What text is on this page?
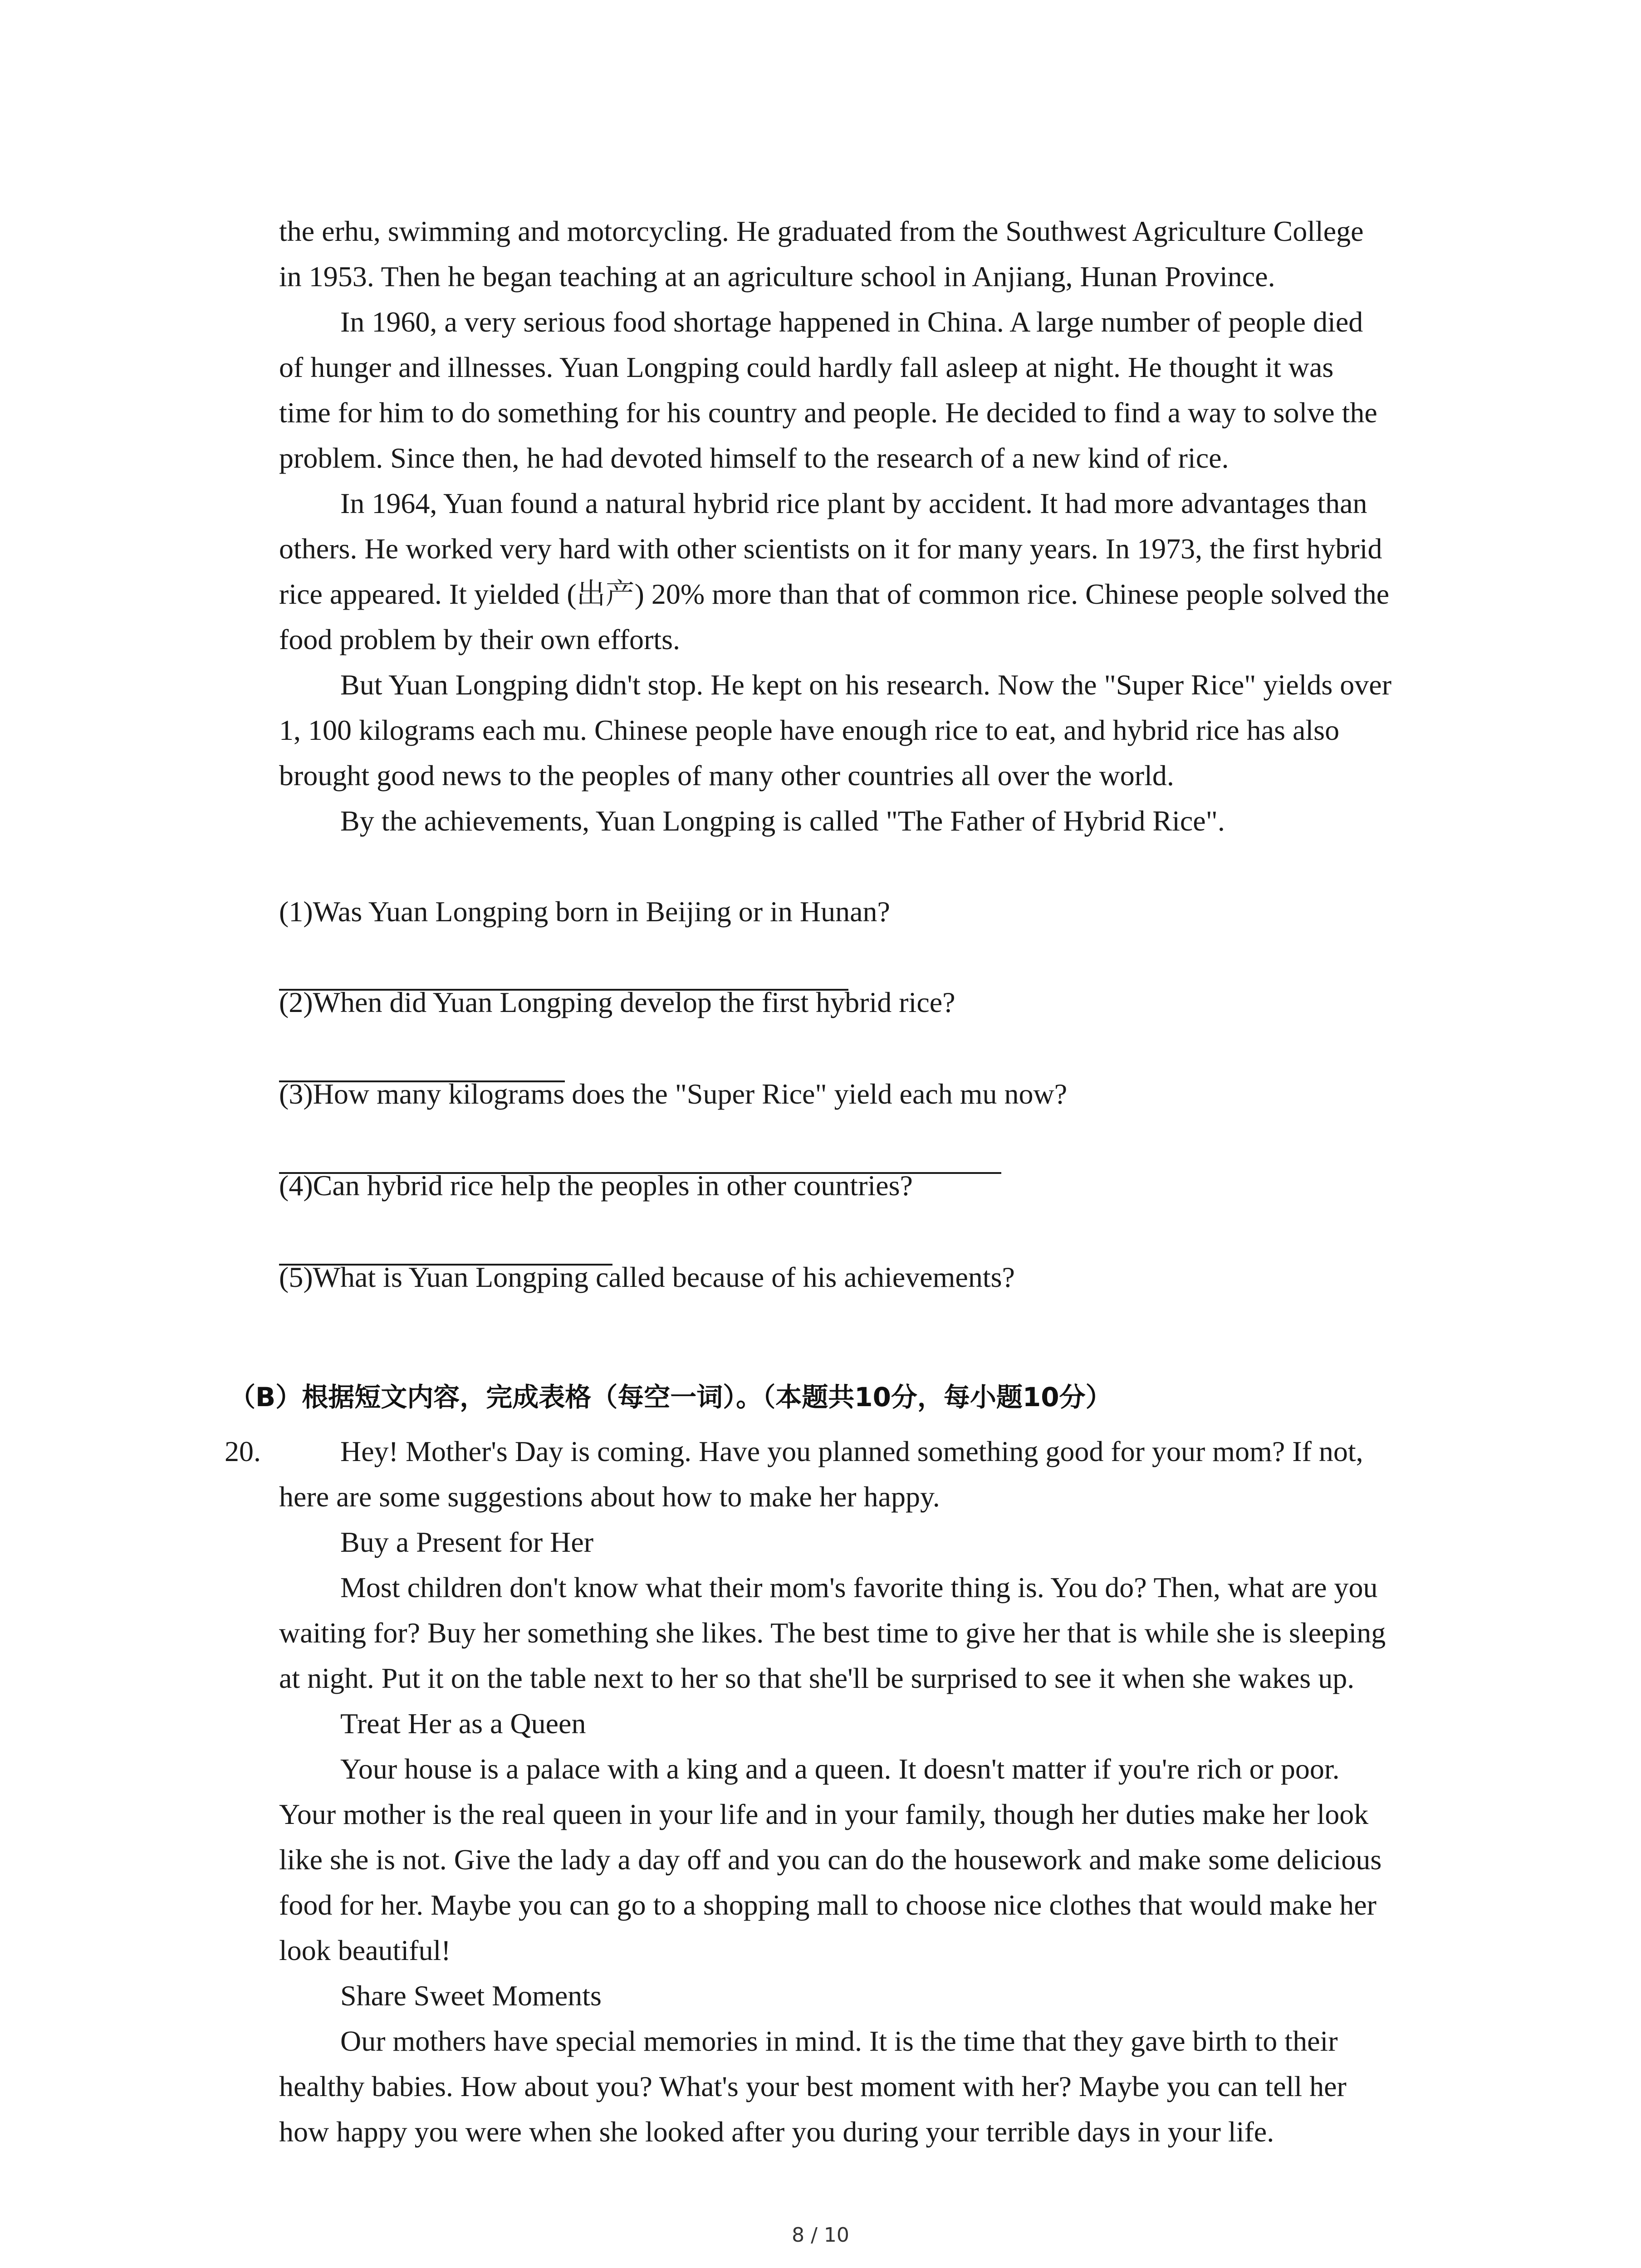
the erhu, swimming and motorcycling. He graduated from the Southwest Agriculture College
in 1953. Then he began teaching at an agriculture school in Anjiang, Hunan Province.
In 1960, a very serious food shortage happened in China. A large number of people died
of hunger and illnesses. Yuan Longping could hardly fall asleep at night. He thought it was
time for him to do something for his country and people. He decided to find a way to solve the
problem. Since then, he had devoted himself to the research of a new kind of rice.
In 1964, Yuan found a natural hybrid rice plant by accident. It had more advantages than
others. He worked very hard with other scientists on it for many years. In 1973, the first hybrid
rice appeared. It yielded (出产) 20% more than that of common rice. Chinese people solved the
food problem by their own efforts.
But Yuan Longping didn't stop. He kept on his research. Now the "Super Rice" yields over
1, 100 kilograms each mu. Chinese people have enough rice to eat, and hybrid rice has also
brought good news to the peoples of many other countries all over the world.
By the achievements, Yuan Longping is called "The Father of Hybrid Rice".
(1)Was Yuan Longping born in Beijing or in Hunan?
(2)When did Yuan Longping develop the first hybrid rice?
(3)How many kilograms does the "Super Rice" yield each mu now?
(4)Can hybrid rice help the peoples in other countries?
(5)What is Yuan Longping called because of his achievements?
（B）根据短文内容，完成表格（每空一词）。（本题共10分，每小题10分）
20.	Hey! Mother's Day is coming. Have you planned something good for your mom? If not,
here are some suggestions about how to make her happy.
Buy a Present for Her
Most children don't know what their mom's favorite thing is. You do? Then, what are you
waiting for? Buy her something she likes. The best time to give her that is while she is sleeping
at night. Put it on the table next to her so that she'll be surprised to see it when she wakes up.
Treat Her as a Queen
Your house is a palace with a king and a queen. It doesn't matter if you're rich or poor.
Your mother is the real queen in your life and in your family, though her duties make her look
like she is not. Give the lady a day off and you can do the housework and make some delicious
food for her. Maybe you can go to a shopping mall to choose nice clothes that would make her
look beautiful!
Share Sweet Moments
Our mothers have special memories in mind. It is the time that they gave birth to their
healthy babies. How about you? What's your best moment with her? Maybe you can tell her
how happy you were when she looked after you during your terrible days in your life.
8 / 10
